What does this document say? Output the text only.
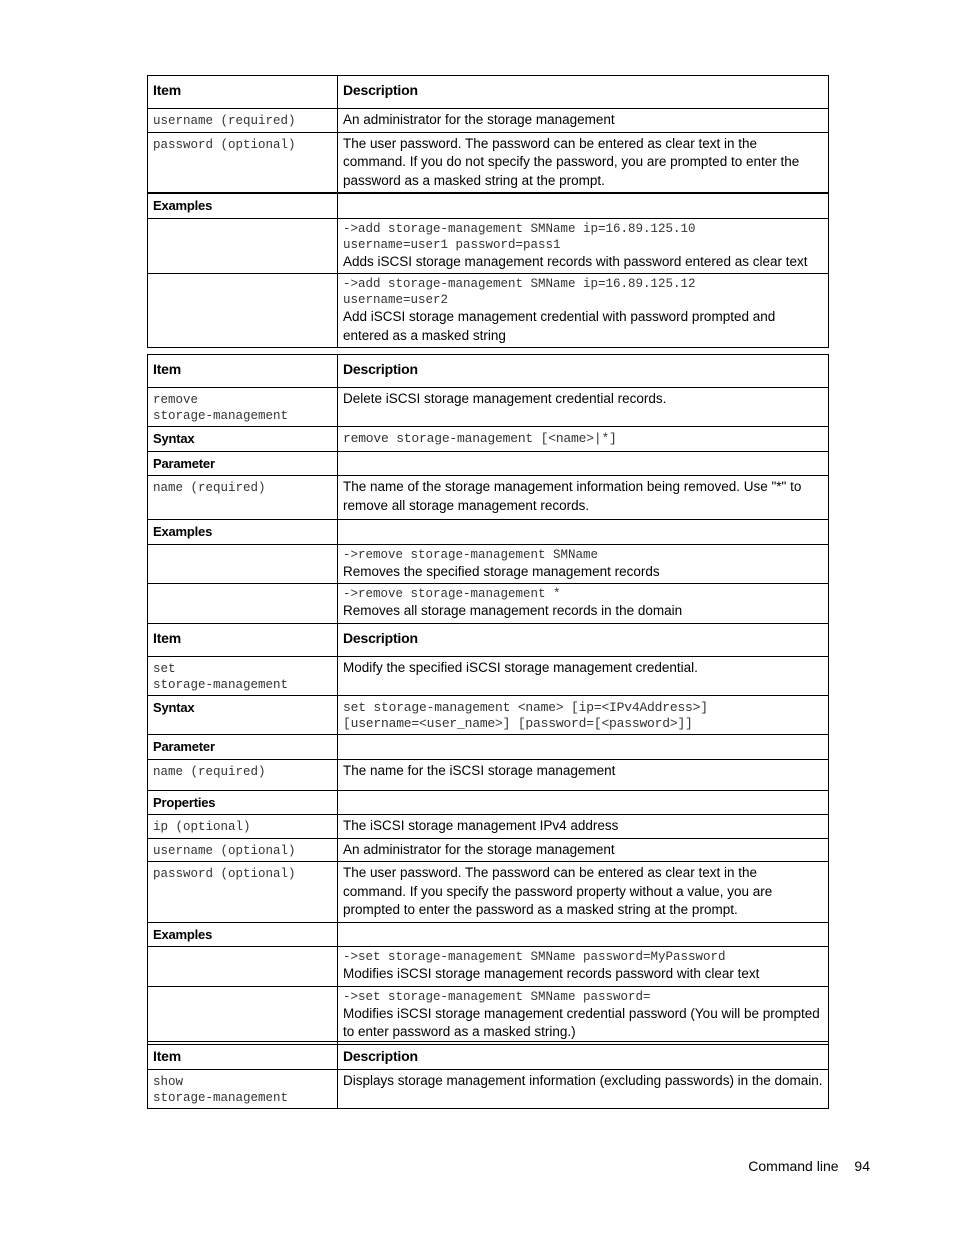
Item	Description

username (required)	An administrator for the storage management

password (optional)	The user password. The password can be entered as clear text in the command. If you do not specify the password, you are prompted to enter the password as a masked string at the prompt.

Examples	

	->add storage-management SMName ip=16.89.125.10
username=user1 password=pass1
Adds iSCSI storage management records with password entered as clear text

	->add storage-management SMName ip=16.89.125.12
username=user2
Add iSCSI storage management credential with password prompted and entered as a masked string
Item	Description

remove
storage-management	Delete iSCSI storage management credential records.

Syntax	remove storage-management [<name>|*]

Parameter	

name (required)	The name of the storage management information being removed. Use "*" to remove all storage management records.

Examples	

	->remove storage-management SMName
Removes the specified storage management records

	->remove storage-management *
Removes all storage management records in the domain
Item	Description

set
storage-management	Modify the specified iSCSI storage management credential.

Syntax	set storage-management <name> [ip=<IPv4Address>]
[username=<user_name>] [password=[<password>]]

Parameter	

name (required)	The name for the iSCSI storage management

Properties	

ip (optional)	The iSCSI storage management IPv4 address

username (optional)	An administrator for the storage management

password (optional)	The user password. The password can be entered as clear text in the command. If you specify the password property without a value, you are prompted to enter the password as a masked string at the prompt.

Examples	

	->set storage-management SMName password=MyPassword
Modifies iSCSI storage management records password with clear text

	->set storage-management SMName password=
Modifies iSCSI storage management credential password (You will be prompted to enter password as a masked string.)
Item	Description

show
storage-management	Displays storage management information (excluding passwords) in the domain.
Command line 94
